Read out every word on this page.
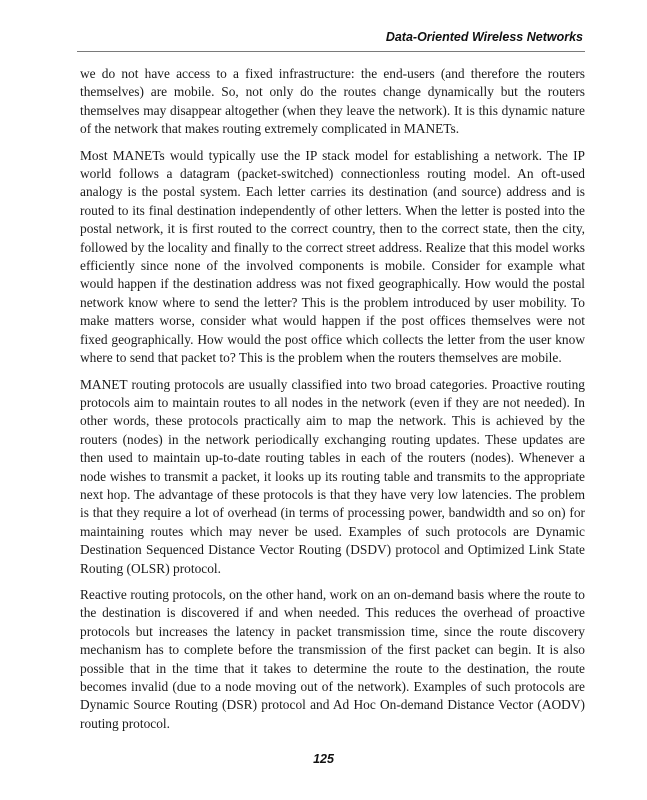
Data-Oriented Wireless Networks

we do not have access to a fixed infrastructure: the end-users (and therefore the routers themselves) are mobile. So, not only do the routes change dynamically but the routers themselves may disappear altogether (when they leave the network). It is this dynamic nature of the network that makes routing extremely complicated in MANETs.

Most MANETs would typically use the IP stack model for establishing a network. The IP world follows a datagram (packet-switched) connectionless routing model. An oft-used analogy is the postal system. Each letter carries its destination (and source) address and is routed to its final destination independently of other letters. When the letter is posted into the postal network, it is first routed to the correct country, then to the correct state, then the city, followed by the locality and finally to the correct street address. Realize that this model works efficiently since none of the involved components is mobile. Consider for example what would happen if the destination address was not fixed geographically. How would the postal network know where to send the letter? This is the problem introduced by user mobility. To make matters worse, consider what would happen if the post offices themselves were not fixed geographically. How would the post office which collects the letter from the user know where to send that packet to? This is the problem when the routers themselves are mobile.

MANET routing protocols are usually classified into two broad categories. Proactive routing protocols aim to maintain routes to all nodes in the network (even if they are not needed). In other words, these protocols practically aim to map the network. This is achieved by the routers (nodes) in the network periodically exchanging routing updates. These updates are then used to maintain up-to-date routing tables in each of the routers (nodes). Whenever a node wishes to transmit a packet, it looks up its routing table and transmits to the appropriate next hop. The advantage of these protocols is that they have very low latencies. The problem is that they require a lot of overhead (in terms of processing power, bandwidth and so on) for maintaining routes which may never be used. Examples of such protocols are Dynamic Destination Sequenced Distance Vector Routing (DSDV) protocol and Optimized Link State Routing (OLSR) protocol.

Reactive routing protocols, on the other hand, work on an on-demand basis where the route to the destination is discovered if and when needed. This reduces the overhead of proactive protocols but increases the latency in packet transmission time, since the route discovery mechanism has to complete before the transmission of the first packet can begin. It is also possible that in the time that it takes to determine the route to the destination, the route becomes invalid (due to a node moving out of the network). Examples of such protocols are Dynamic Source Routing (DSR) protocol and Ad Hoc On-demand Distance Vector (AODV) routing protocol.

125
